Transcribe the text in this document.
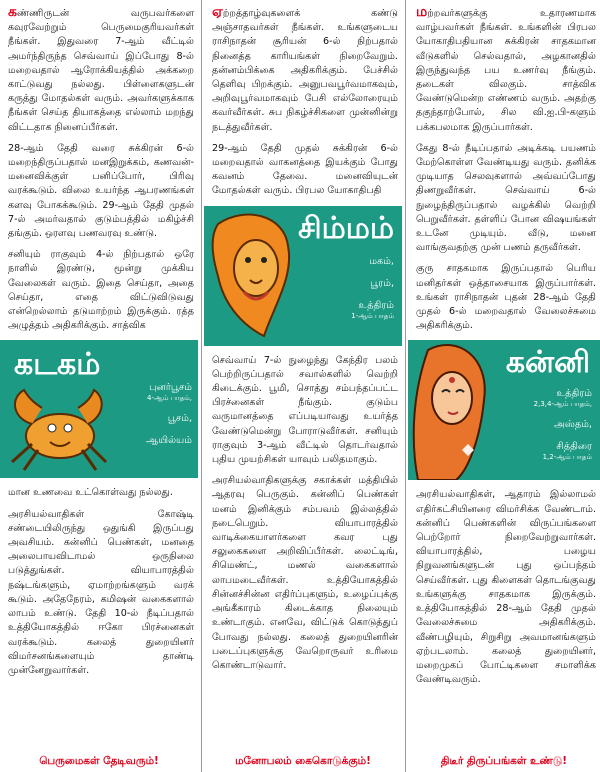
கண்ணிருடன் வருபவர்களை கவுரவேற்றும் பெருமைகுரியவர்கள் நீங்கள். இதுவரை 7-ஆம் வீட்டில் அமர்ந்திருந்த செவ்வாய் இப்போது 8-ல் மறைவதால் ஆரோக்கியத்தில் அக்கறை காட்டுவது நல்லது. பிள்ளைகளுடன் கருத்து மோதல்கள் வரும். அவர்களுக்காக நீங்கள் செய்த தியாகத்தை எல்லாம் மறந்து விட்டதாக நினைப்பீர்கள்.

28-ஆம் தேதி வரை சுக்கிரன் 6-ல் மறைந்திருப்பதால் மனஇறுக்கம், கணவன்-மனைவிக்குள் பனிப்போர், பிரிவு வரக்கூடும். விலை உயர்ந்த ஆபரணங்கள் களவு போகக்கூடும். 29-ஆம் தேதி முதல் 7-ல் அமர்வதால் குடும்பத்தில் மகிழ்ச்சி தங்கும். ஒரளவு பணவரவு உண்டு.

சனியும் ராகுவும் 4-ல் நிற்பதால் ஒரே நாளில் இரண்டு, மூன்று முக்கிய வேலைகள் வரும். இதை செய்தா, அதை செய்தா, எதை விட்டுவிடுவது என்றெல்லாம் தடுமாற்றம் இருக்கும். ரத்த அழுத்தம் அதிகரிக்கும். சாத்விக

கடகம்
புனர்பூசம்
4-ஆம் பாதம்,
பூசம்,
ஆயில்யம்

மான உணவை உட்கொள்வது நல்லது.

அரசியல்வாதிகள் கோஷ்டி சண்டையிலிருந்து ஒதுங்கி இருப்பது அவசியம். கன்னிப் பெண்கள், மனதை அலைபாயவிடாமல் ஒருநிலை படுத்துங்கள். வியாபாரத்தில் நஷ்டங்களும், ஏமாற்றங்களும் வரக் கூடும். அதேநேரம், கமிஷன் வகைகளால் லாபம் உண்டு. தேதி 10-ல் நீடிப்பதால் உத்தியோகத்தில் ஈகோ பிரச்னைகள் வரக்கூடும். கலைத் துறையினர் விமர்சனங்களையும் தாண்டி முன்னேறுவார்கள்.

பெருமைகள் தேடிவரும்!

ஏற்றத்தாழ்வுகளைக் கண்டு அஞ்சாதவர்கள் நீங்கள். உங்களுடைய ராசிநாதன் சூரியன் 6-ல் நிற்பதால் நினைத்த காரியங்கள் நிறைவேறும். தன்னம்பிக்கை அதிகரிக்கும். பேச்சில் தெளிவு பிறக்கும். அனுபவபூர்வமாகவும், அறிவுபூர்வமாகவும் பேசி எல்லோரையும் கவர்வீர்கள். சுப நிகழ்ச்சிகளை முன்னின்று நடத்துவீர்கள்.

29-ஆம் தேதி முதல் சுக்கிரன் 6-ல் மறைவதால் வாகனத்தை இயக்கும் போது கவனம் தேவை. மனைவியுடன் மோதல்கள் வரும். பிரபல யோகாதிபதி

சிம்மம்
மகம்,
பூரம்,
உத்திரம்
1-ஆம் பாதம்

செவ்வாய் 7-ல் நுழைந்து கேந்திர பலம் பெற்றிருப்பதால் சவால்களில் வெற்றி கிடைக்கும். பூமி, சொத்து சம்பந்தப்பட்ட பிரச்னைகள் நீங்கும். குடும்ப வருமானத்தை எப்படியாவது உயர்த்த வேண்டுமென்று போராடுவீர்கள். சனியும் ராகுவும் 3-ஆம் வீட்டில் தொடர்வதால் புதிய முயற்சிகள் யாவும் பலிதமாகும்.

அரசியல்வாதிகளுக்கு சகாக்கள் மத்தியில் ஆதரவு பெருகும். கன்னிப் பெண்கள் மனம் இனிக்கும் சம்பவம் இல்லத்தில் நடைபெறும். வியாபாரத்தில் வாடிக்கையாளர்களை கவர புது சலுகைகளை அறிவிப்பீர்கள். லைட்டிங், சிமெண்ட், மணல் வகைகளால் லாபமடைவீர்கள். உத்தியோகத்தில் சின்னச்சின்ன எதிர்ப்புகளும், உழைப்புக்கு அங்கீகாரம் கிடைக்காத நிலையும் உண்டாகும். எனவே, விட்டுக் கொடுத்துப் போவது நல்லது. கலைத் துறையினரின் படைப்புகளுக்கு வேறொருவர் உரிமை கொண்டாடுவார்.

மனோபலம் கைகொடுக்கும்!

மற்றவர்களுக்கு உதாரணமாக வாழ்பவர்கள் நீங்கள். உங்களின் பிரபல யோகாதிபதியான சுக்கிரன் சாதகமான வீடுகளில் செல்வதால், அழகானதில் இருந்துவந்த பய உணர்வு நீங்கும். தடைகள் விலகும். சாத்விக வேண்டுமென்ற எண்ணம் வரும். அதற்கு தகுந்தாற்போல், சில வி.ஐ.பி-களும் பக்கபலமாக இருப்பார்கள்.

கேது 8-ல் நீடிப்பதால் அடிக்கடி பயணம் மேற்கொள்ள வேண்டியது வரும். தனிக்க முடியாத செலவுகளால் அவ்வப்போது திணறுவீர்கள். செவ்வாய் 6-ல் நுழைந்திருப்பதால் வழக்கில் வெற்றி பெறுவீர்கள். தள்ளிப் போன விஷயங்கள் உடனே முடியும். வீடு, மனை வாங்குவதற்கு முன் பணம் தருவீர்கள்.

குரு சாதகமாக இருப்பதால் பெரிய மனிதர்கள் ஒத்தாசையாக இருப்பார்கள். உங்கள் ராசிநாதன் புதன் 28-ஆம் தேதி முதல் 6-ல் மறைவதால் வேலைச்சுமை அதிகரிக்கும்.

கன்னி
உத்திரம்
2,3,4-ஆம் பாதம்,
அஸ்தம்,
சித்திரை
1,2-ஆம் பாதம்

அரசியல்வாதிகள், ஆதாரம் இல்லாமல் எதிர்கட்சியினரை விமர்சிக்க வேண்டாம். கன்னிப் பெண்களின் விருப்பங்களை பெற்றோர் நிறைவேற்றுவார்கள். வியாபாரத்தில், பழைய நிறுவனங்களுடன் புது ஒப்பந்தம் செய்வீர்கள். புது கிளைகள் தொடங்குவது உங்களுக்கு சாதகமாக இருக்கும். உத்தியோகத்தில் 28-ஆம் தேதி முதல் வேலைச்சுமை அதிகரிக்கும். வீண்பழியும், சிறுசிறு அவமானங்களும் ஏற்படலாம். கலைத் துறையினர், மறைமுகப் போட்டிகளை சமாளிக்க வேண்டிவரும்.

திடீர் திருப்பங்கள் உண்டு!
